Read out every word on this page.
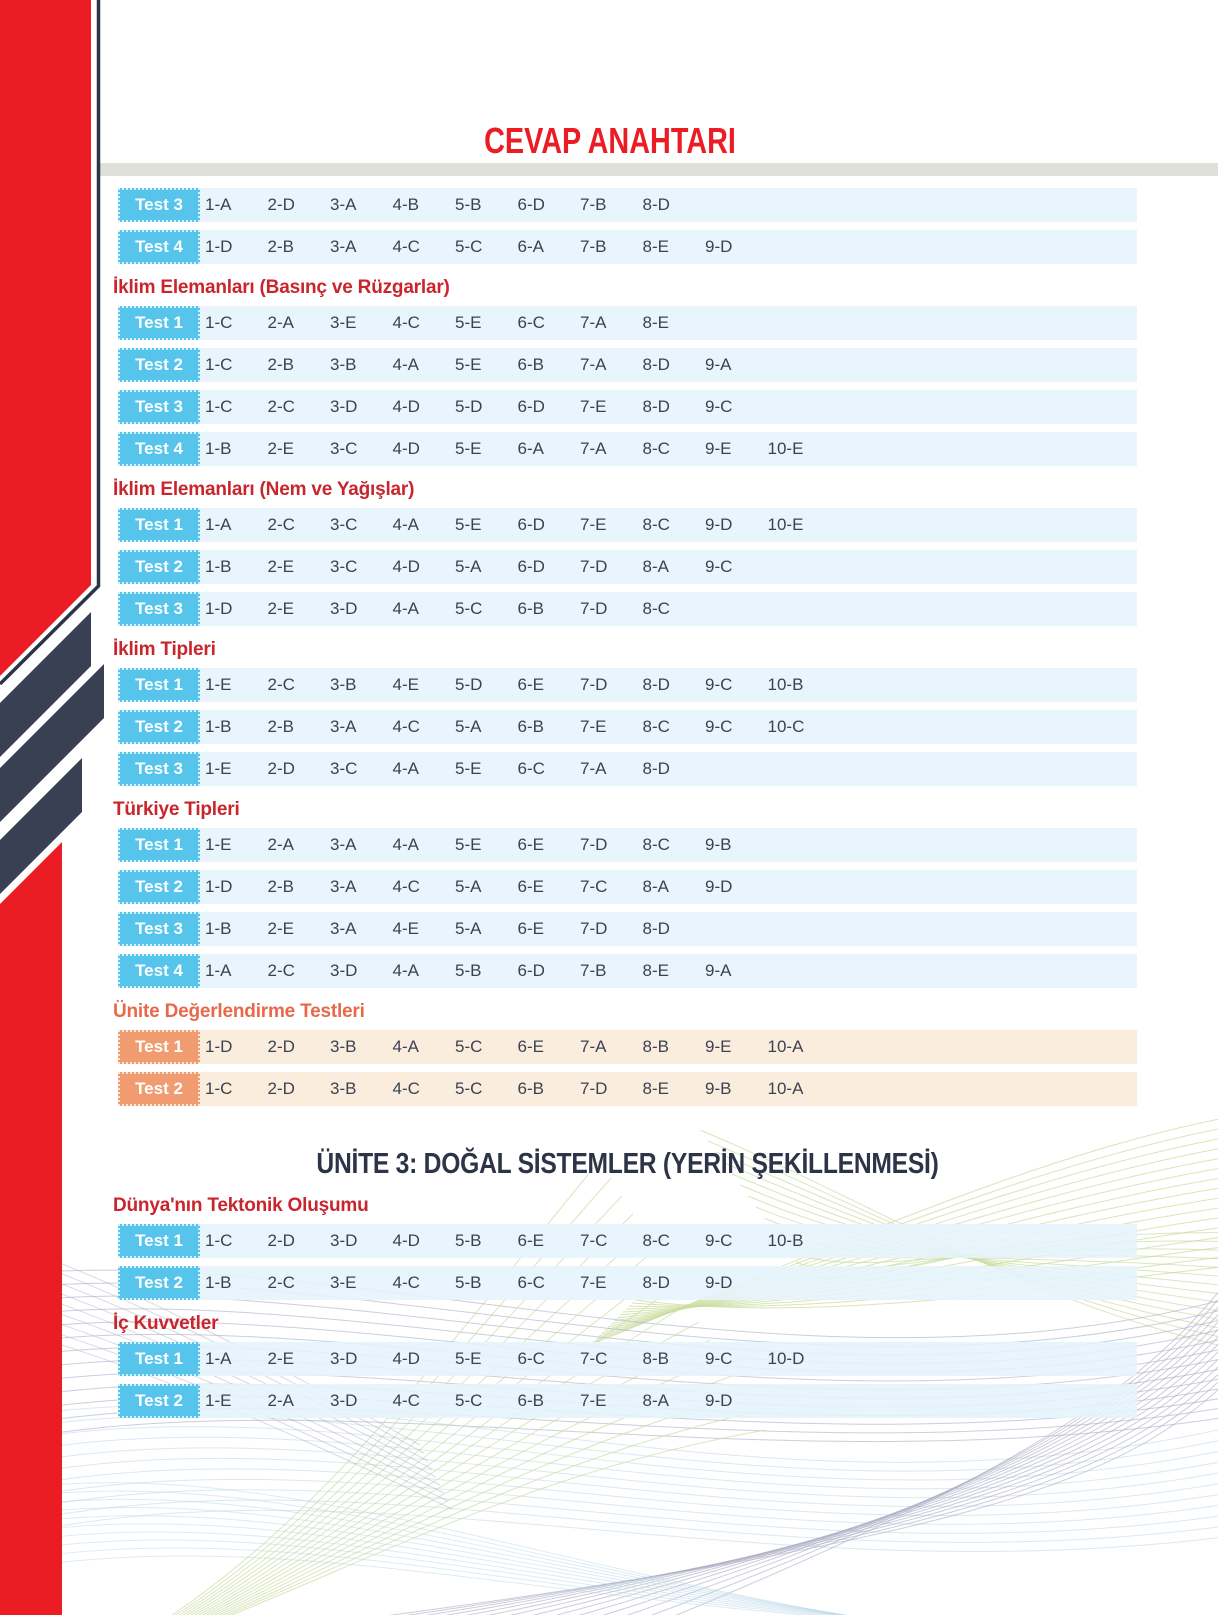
CEVAP ANAHTARI
Test 3	1-A	2-D	3-A	4-B	5-B	6-D	7-B	8-D
Test 4	1-D	2-B	3-A	4-C	5-C	6-A	7-B	8-E	9-D
İklim Elemanları (Basınç ve Rüzgarlar)
Test 1	1-C	2-A	3-E	4-C	5-E	6-C	7-A	8-E
Test 2	1-C	2-B	3-B	4-A	5-E	6-B	7-A	8-D	9-A
Test 3	1-C	2-C	3-D	4-D	5-D	6-D	7-E	8-D	9-C
Test 4	1-B	2-E	3-C	4-D	5-E	6-A	7-A	8-C	9-E	10-E
İklim Elemanları (Nem ve Yağışlar)
Test 1	1-A	2-C	3-C	4-A	5-E	6-D	7-E	8-C	9-D	10-E
Test 2	1-B	2-E	3-C	4-D	5-A	6-D	7-D	8-A	9-C
Test 3	1-D	2-E	3-D	4-A	5-C	6-B	7-D	8-C
İklim Tipleri
Test 1	1-E	2-C	3-B	4-E	5-D	6-E	7-D	8-D	9-C	10-B
Test 2	1-B	2-B	3-A	4-C	5-A	6-B	7-E	8-C	9-C	10-C
Test 3	1-E	2-D	3-C	4-A	5-E	6-C	7-A	8-D
Türkiye Tipleri
Test 1	1-E	2-A	3-A	4-A	5-E	6-E	7-D	8-C	9-B
Test 2	1-D	2-B	3-A	4-C	5-A	6-E	7-C	8-A	9-D
Test 3	1-B	2-E	3-A	4-E	5-A	6-E	7-D	8-D
Test 4	1-A	2-C	3-D	4-A	5-B	6-D	7-B	8-E	9-A
Ünite Değerlendirme Testleri
Test 1	1-D	2-D	3-B	4-A	5-C	6-E	7-A	8-B	9-E	10-A
Test 2	1-C	2-D	3-B	4-C	5-C	6-B	7-D	8-E	9-B	10-A
ÜNİTE 3: DOĞAL SİSTEMLER (YERİN ŞEKİLLENMESİ)
Dünya'nın Tektonik Oluşumu
Test 1	1-C	2-D	3-D	4-D	5-B	6-E	7-C	8-C	9-C	10-B
Test 2	1-B	2-C	3-E	4-C	5-B	6-C	7-E	8-D	9-D
İç Kuvvetler
Test 1	1-A	2-E	3-D	4-D	5-E	6-C	7-C	8-B	9-C	10-D
Test 2	1-E	2-A	3-D	4-C	5-C	6-B	7-E	8-A	9-D
